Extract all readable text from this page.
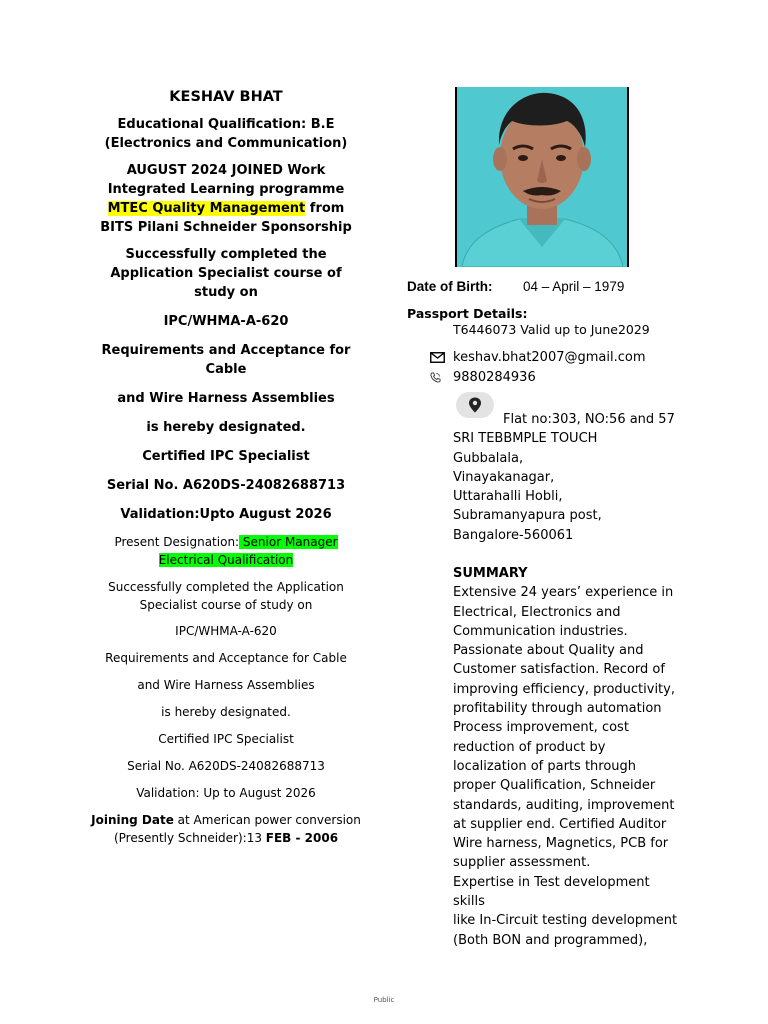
KESHAV BHAT

Educational Qualification: B.E (Electronics and Communication)

AUGUST 2024 JOINED Work Integrated Learning programme MTEC Quality Management from BITS Pilani Schneider Sponsorship

Successfully completed the Application Specialist course of study on

IPC/WHMA-A-620

Requirements and Acceptance for Cable

and Wire Harness Assemblies

is hereby designated.

Certified IPC Specialist

Serial No. A620DS-24082688713

Validation:Upto August 2026

Present Designation: Senior Manager
Electrical Qualification

Successfully completed the Application Specialist course of study on

IPC/WHMA-A-620

Requirements and Acceptance for Cable

and Wire Harness Assemblies

is hereby designated.

Certified IPC Specialist

Serial No. A620DS-24082688713

Validation: Up to August 2026

Joining Date at American power conversion
(Presently Schneider):13 FEB - 2006

Date of Birth: 04 – April – 1979
Passport Details:
T6446073 Valid up to June2029
keshav.bhat2007@gmail.com
9880284936
Flat no:303, NO:56 and 57
SRI TEBBMPLE TOUCH
Gubbalala,
Vinayakanagar,
Uttarahalli Hobli,
Subramanyapura post,
Bangalore-560061
SUMMARY
Extensive 24 years’ experience in
Electrical, Electronics and
Communication industries.
Passionate about Quality and
Customer satisfaction. Record of
improving efficiency, productivity,
profitability through automation
Process improvement, cost
reduction of product by
localization of parts through
proper Qualification, Schneider
standards, auditing, improvement
at supplier end. Certified Auditor
Wire harness, Magnetics, PCB for
supplier assessment.
Expertise in Test development skills
like In-Circuit testing development
(Both BON and programmed),
Public
